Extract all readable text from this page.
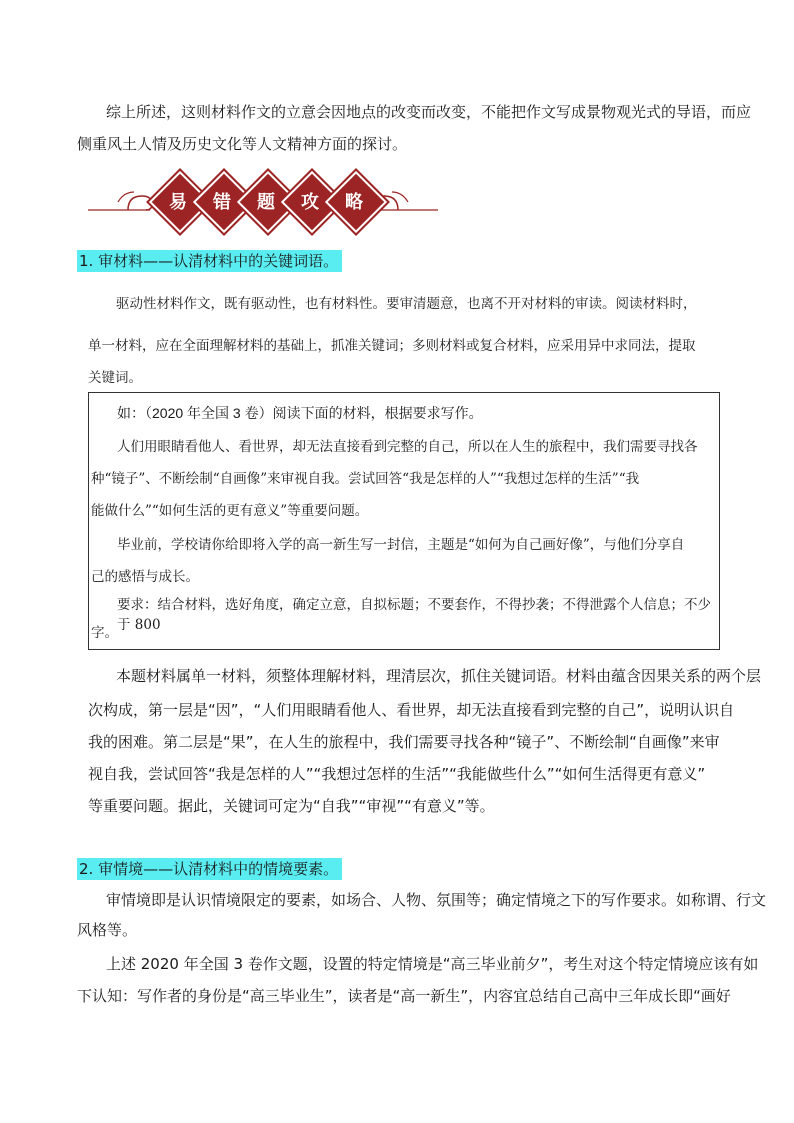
综上所述，这则材料作文的立意会因地点的改变而改变，不能把作文写成景物观光式的导语，而应
侧重风土人情及历史文化等人文精神方面的探讨。
易	错	题	攻	略
1. 审材料——认清材料中的关键词语。
驱动性材料作文，既有驱动性，也有材料性。要审清题意，也离不开对材料的审读。阅读材料时，
单一材料，应在全面理解材料的基础上，抓准关键词；多则材料或复合材料，应采用异中求同法，提取
关键词。
如：（2020 年全国 3 卷）阅读下面的材料，根据要求写作。
人们用眼睛看他人、看世界，却无法直接看到完整的自己，所以在人生的旅程中，我们需要寻找各
种“镜子”、不断绘制“自画像”来审视自我。尝试回答“我是怎样的人”“我想过怎样的生活”“我
能做什么”“如何生活的更有意义”等重要问题。
毕业前，学校请你给即将入学的高一新生写一封信，主题是“如何为自己画好像”，与他们分享自
己的感悟与成长。
要求：结合材料，选好角度，确定立意，自拟标题；不要套作，不得抄袭；不得泄露个人信息；不少于 800
字。
本题材料属单一材料，须整体理解材料，理清层次，抓住关键词语。材料由蕴含因果关系的两个层
次构成，第一层是“因”，“人们用眼睛看他人、看世界，却无法直接看到完整的自己”，说明认识自
我的困难。第二层是“果”，在人生的旅程中，我们需要寻找各种“镜子”、不断绘制“自画像”来审
视自我，尝试回答“我是怎样的人”“我想过怎样的生活”“我能做些什么”“如何生活得更有意义”
等重要问题。据此，关键词可定为“自我”“审视”“有意义”等。
2. 审情境——认清材料中的情境要素。
审情境即是认识情境限定的要素，如场合、人物、氛围等；确定情境之下的写作要求。如称谓、行文
风格等。
上述 2020 年全国 3 卷作文题，设置的特定情境是“高三毕业前夕”，考生对这个特定情境应该有如
下认知：写作者的身份是“高三毕业生”，读者是“高一新生”，内容宜总结自己高中三年成长即“画好
